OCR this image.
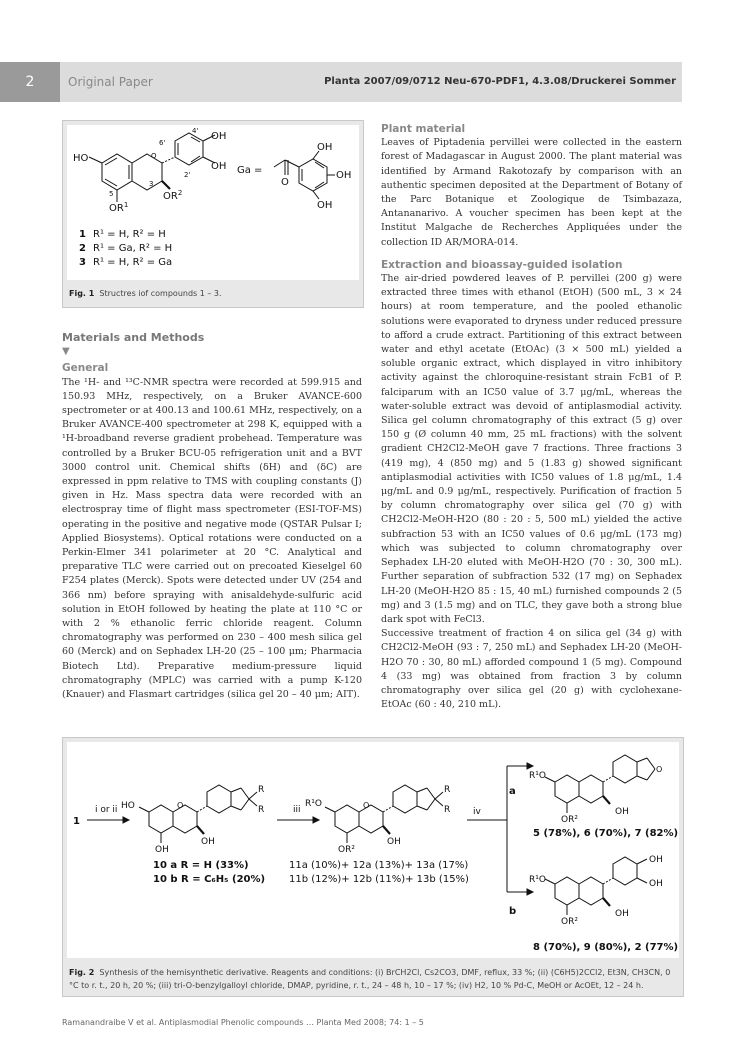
2	Original Paper	Planta 2007/09/0712 Neu-670-PDF1, 4.3.08/Druckerei Sommer
OH
OH
HO	O
4'
6'
2'
3
5
$OR^1$
$OR^2$
Ga =
O
OH
OH
OH
1 R¹ = H, R² = H
2 R¹ = Ga, R² = H
3 R¹ = H, R² = Ga
Fig. 1 Structres iof compounds 1 – 3.
Materials and Methods
▼
General

The ¹H- and ¹³C-NMR spectra were recorded at 599.915 and 150.93 MHz, respectively, on a Bruker AVANCE-600 spectrometer or at 400.13 and 100.61 MHz, respectively, on a Bruker AVANCE-400 spectrometer at 298 K, equipped with a ¹H-broadband reverse gradient probehead. Temperature was controlled by a Bruker BCU-05 refrigeration unit and a BVT 3000 control unit. Chemical shifts (δH) and (δC) are expressed in ppm relative to TMS with coupling constants (J) given in Hz. Mass spectra data were recorded with an electrospray time of flight mass spectrometer (ESI-TOF-MS) operating in the positive and negative mode (QSTAR Pulsar I; Applied Biosystems). Optical rotations were conducted on a Perkin-Elmer 341 polarimeter at 20 °C. Analytical and preparative TLC were carried out on precoated Kieselgel 60 F254 plates (Merck). Spots were detected under UV (254 and 366 nm) before spraying with anisaldehyde-sulfuric acid solution in EtOH followed by heating the plate at 110 °C or with 2 % ethanolic ferric chloride reagent. Column chromatography was performed on 230 – 400 mesh silica gel 60 (Merck) and on Sephadex LH-20 (25 – 100 μm; Pharmacia Biotech Ltd). Preparative medium-pressure liquid chromatography (MPLC) was carried with a pump K-120 (Knauer) and Flasmart cartridges (silica gel 20 – 40 μm; AIT).

Plant material

Leaves of Piptadenia pervillei were collected in the eastern forest of Madagascar in August 2000. The plant material was identified by Armand Rakotozafy by comparison with an authentic specimen deposited at the Department of Botany of the Parc Botanique et Zoologique de Tsimbazaza, Antananarivo. A voucher specimen has been kept at the Institut Malgache de Recherches Appliquées under the collection ID AR/MORA-014.

Extraction and bioassay-guided isolation

The air-dried powdered leaves of P. pervillei (200 g) were extracted three times with ethanol (EtOH) (500 mL, 3 × 24 hours) at room temperature, and the pooled ethanolic solutions were evaporated to dryness under reduced pressure to afford a crude extract. Partitioning of this extract between water and ethyl acetate (EtOAc) (3 × 500 mL) yielded a soluble organic extract, which displayed in vitro inhibitory activity against the chloroquine-resistant strain FcB1 of P. falciparum with an IC50 value of 3.7 μg/mL, whereas the water-soluble extract was devoid of antiplasmodial activity. Silica gel column chromatography of this extract (5 g) over 150 g (Ø column 40 mm, 25 mL fractions) with the solvent gradient CH2Cl2-MeOH gave 7 fractions. Three fractions 3 (419 mg), 4 (850 mg) and 5 (1.83 g) showed significant antiplasmodial activities with IC50 values of 1.8 μg/mL, 1.4 μg/mL and 0.9 μg/mL, respectively. Purification of fraction 5 by column chromatography over silica gel (70 g) with CH2Cl2-MeOH-H2O (80 : 20 : 5, 500 mL) yielded the active subfraction 53 with an IC50 values of 0.6 μg/mL (173 mg) which was subjected to column chromatography over Sephadex LH-20 eluted with MeOH-H2O (70 : 30, 300 mL). Further separation of subfraction 532 (17 mg) on Sephadex LH-20 (MeOH-H2O 85 : 15, 40 mL) furnished compounds 2 (5 mg) and 3 (1.5 mg) and on TLC, they gave both a strong blue dark spot with FeCl3.

Successive treatment of fraction 4 on silica gel (34 g) with CH2Cl2-MeOH (93 : 7, 250 mL) and Sephadex LH-20 (MeOH-H2O 70 : 30, 80 mL) afforded compound 1 (5 mg). Compound 4 (33 mg) was obtained from fraction 3 by column chromatography over silica gel (20 g) with cyclohexane-EtOAc (60 : 40, 210 mL).

1
i or ii HO
OH
OH
O
R
R
10 a R = H (33%)
10 b R = C₆H₅ (20%)
iii
R¹O
OR²
OH
O
R
R
11a (10%)+ 12a (13%)+ 13a (17%)
11b (12%)+ 12b (11%)+ 13b (15%)
iv
a
b
R¹O
OR²
OH
O
5 (78%), 6 (70%), 7 (82%)
R¹O
OR²
OH
OH
OH
8 (70%), 9 (80%), 2 (77%)
Fig. 2 Synthesis of the hemisynthetic derivative. Reagents and conditions: (i) BrCH2Cl, Cs2CO3, DMF, reflux, 33 %; (ii) (C6H5)2CCl2, Et3N, CH3CN, 0 °C to r. t., 20 h, 20 %; (iii) tri-O-benzylgalloyl chloride, DMAP, pyridine, r. t., 24 – 48 h, 10 – 17 %; (iv) H2, 10 % Pd-C, MeOH or AcOEt, 12 – 24 h.
Ramanandraibe V et al. Antiplasmodial Phenolic compounds … Planta Med 2008; 74: 1 – 5
